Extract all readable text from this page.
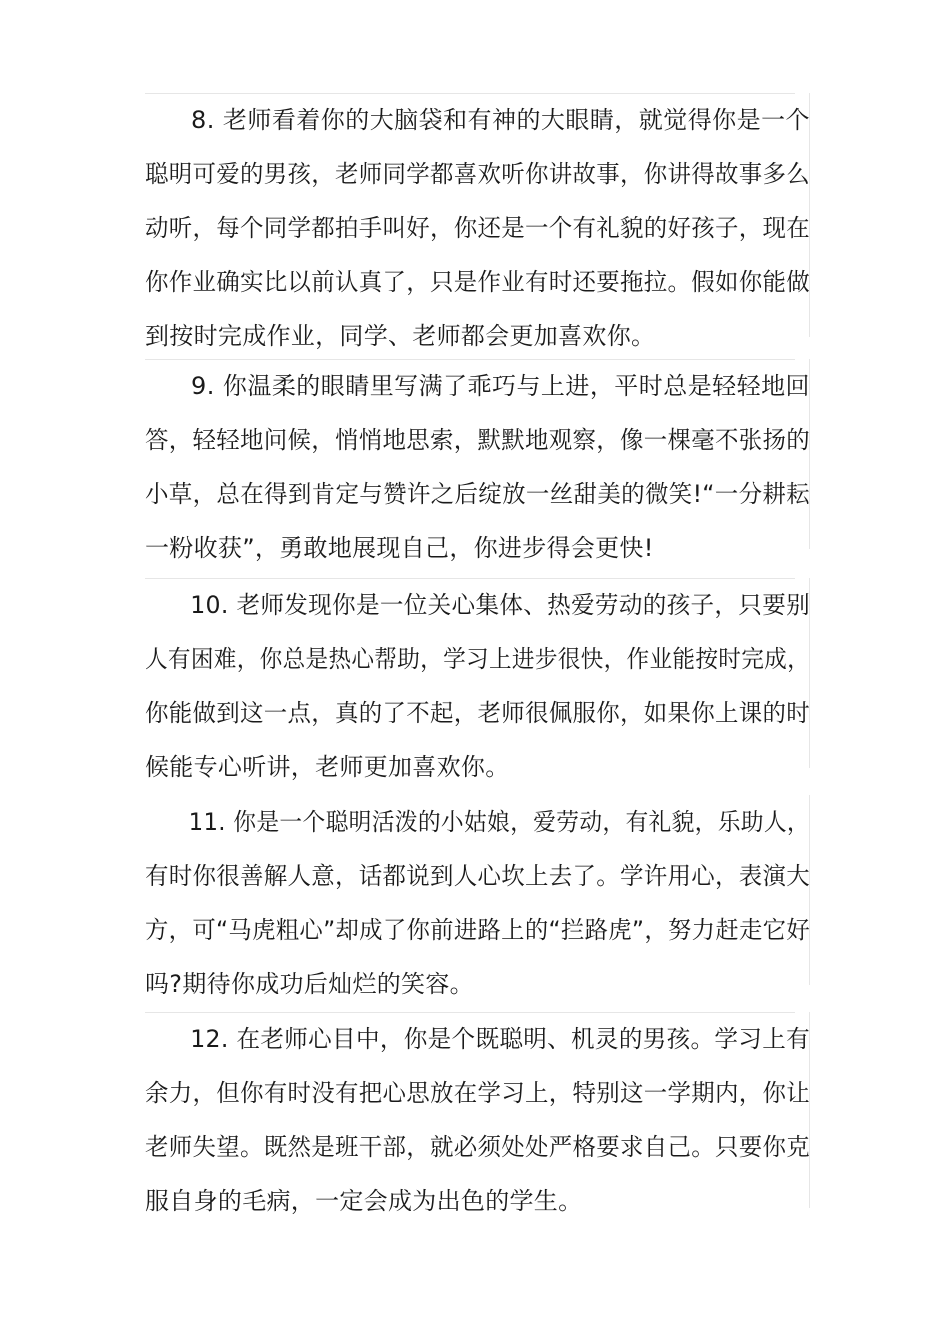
8. 老师看着你的大脑袋和有神的大眼睛，就觉得你是一个
聪明可爱的男孩，老师同学都喜欢听你讲故事，你讲得故事多么
动听，每个同学都拍手叫好，你还是一个有礼貌的好孩子，现在
你作业确实比以前认真了，只是作业有时还要拖拉。假如你能做
到按时完成作业，同学、老师都会更加喜欢你。
9. 你温柔的眼睛里写满了乖巧与上进，平时总是轻轻地回
答，轻轻地问候，悄悄地思索，默默地观察，像一棵毫不张扬的
小草，总在得到肯定与赞许之后绽放一丝甜美的微笑!“一分耕耘
一粉收获”，勇敢地展现自己，你进步得会更快!
10. 老师发现你是一位关心集体、热爱劳动的孩子，只要别
人有困难，你总是热心帮助，学习上进步很快，作业能按时完成，
你能做到这一点，真的了不起，老师很佩服你，如果你上课的时
候能专心听讲，老师更加喜欢你。
11. 你是一个聪明活泼的小姑娘，爱劳动，有礼貌，乐助人，
有时你很善解人意，话都说到人心坎上去了。学许用心，表演大
方，可“马虎粗心”却成了你前进路上的“拦路虎”，努力赶走它好
吗?期待你成功后灿烂的笑容。
12. 在老师心目中，你是个既聪明、机灵的男孩。学习上有
余力，但你有时没有把心思放在学习上，特别这一学期内，你让
老师失望。既然是班干部，就必须处处严格要求自己。只要你克
服自身的毛病，一定会成为出色的学生。
